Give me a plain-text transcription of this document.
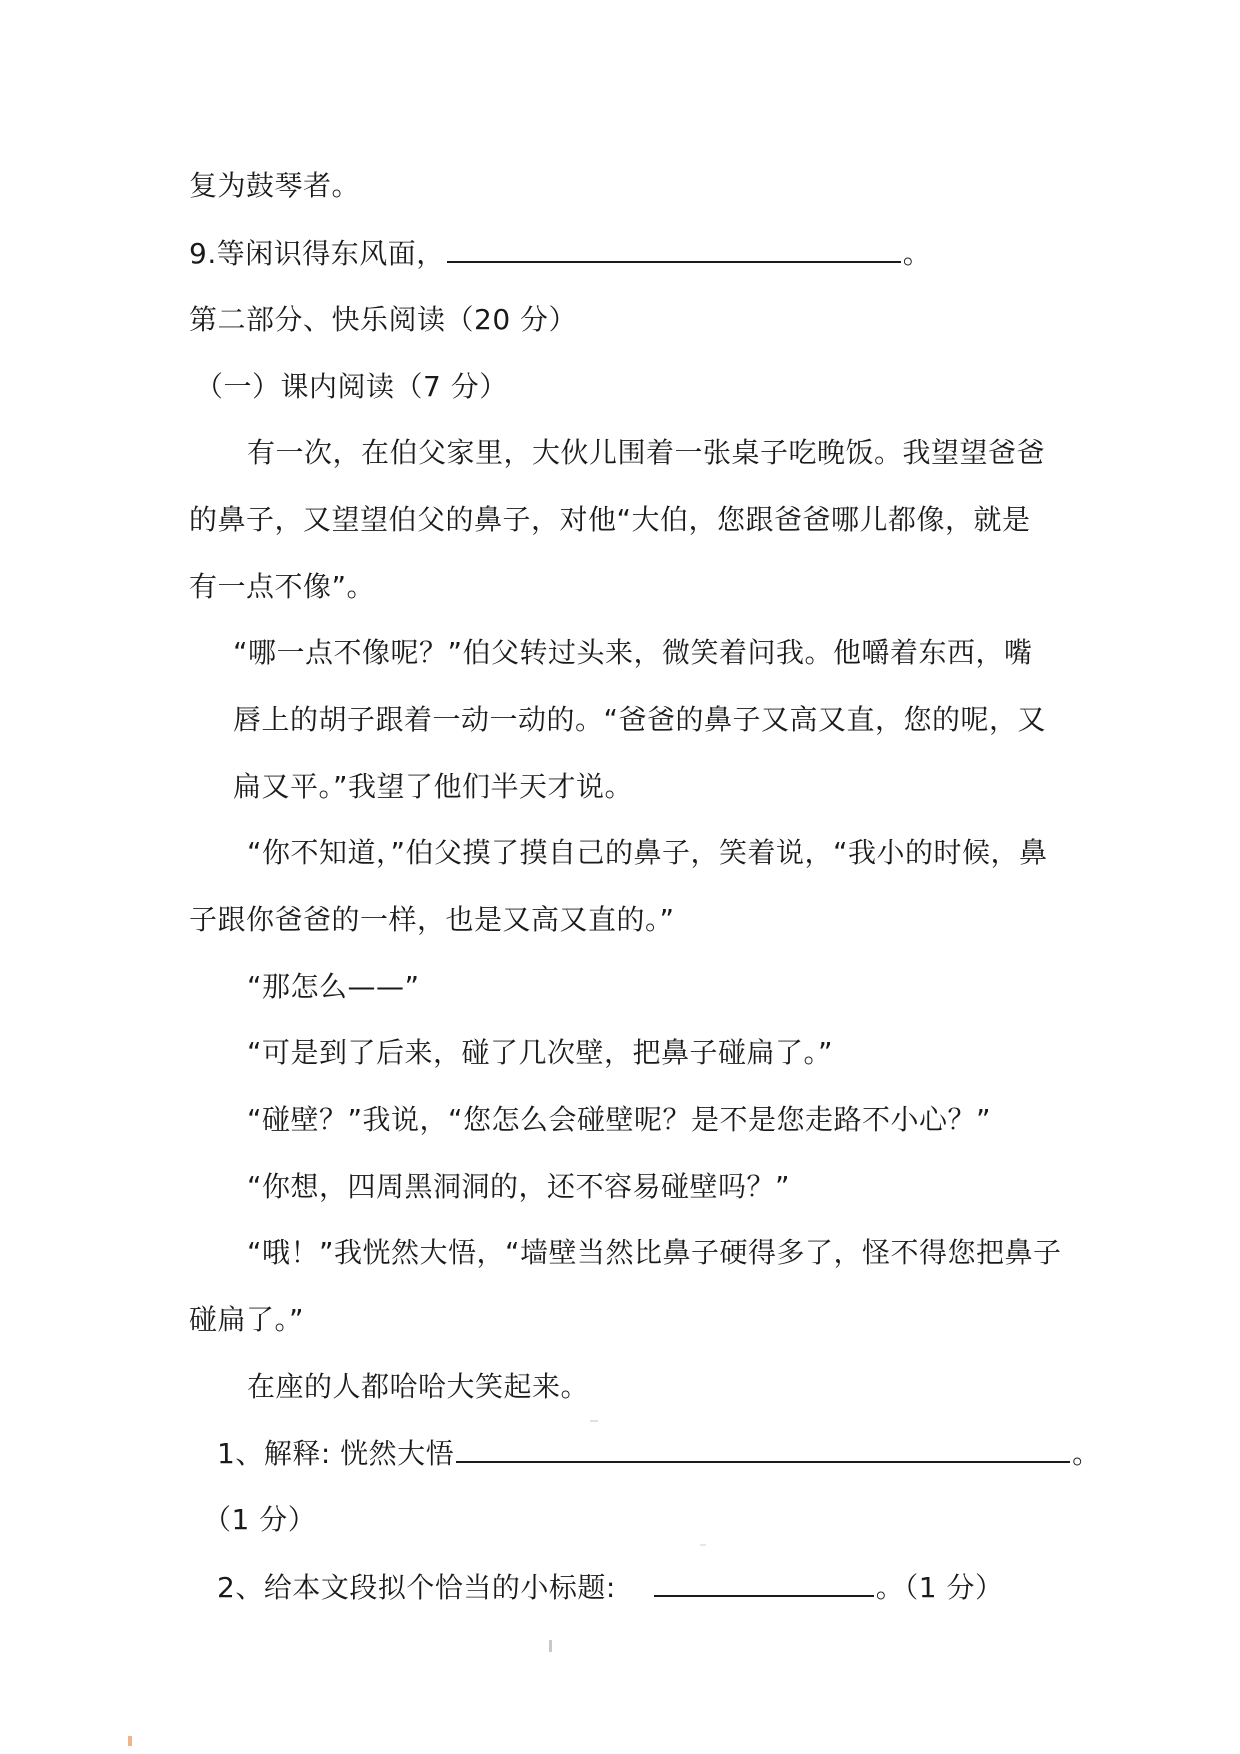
复为鼓琴者。
9.等闲识得东风面，	。
第二部分、快乐阅读（20 分）
（一）课内阅读（7 分）
有一次，在伯父家里，大伙儿围着一张桌子吃晚饭。我望望爸爸
的鼻子，又望望伯父的鼻子，对他“大伯，您跟爸爸哪儿都像，就是
有一点不像”。
“哪一点不像呢？”伯父转过头来，微笑着问我。他嚼着东西，嘴
唇上的胡子跟着一动一动的。“爸爸的鼻子又高又直，您的呢，又
扁又平。”我望了他们半天才说。
“你不知道，”伯父摸了摸自己的鼻子，笑着说，“我小的时候，鼻
子跟你爸爸的一样，也是又高又直的。”
“那怎么——”
“可是到了后来，碰了几次壁，把鼻子碰扁了。”
“碰壁？”我说，“您怎么会碰壁呢？是不是您走路不小心？”
“你想，四周黑洞洞的，还不容易碰壁吗？”
“哦！”我恍然大悟，“墙壁当然比鼻子硬得多了，怪不得您把鼻子
碰扁了。”
在座的人都哈哈大笑起来。
1、解释: 恍然大悟	。
（1 分）
2、给本文段拟个恰当的小标题:	。（1 分）
